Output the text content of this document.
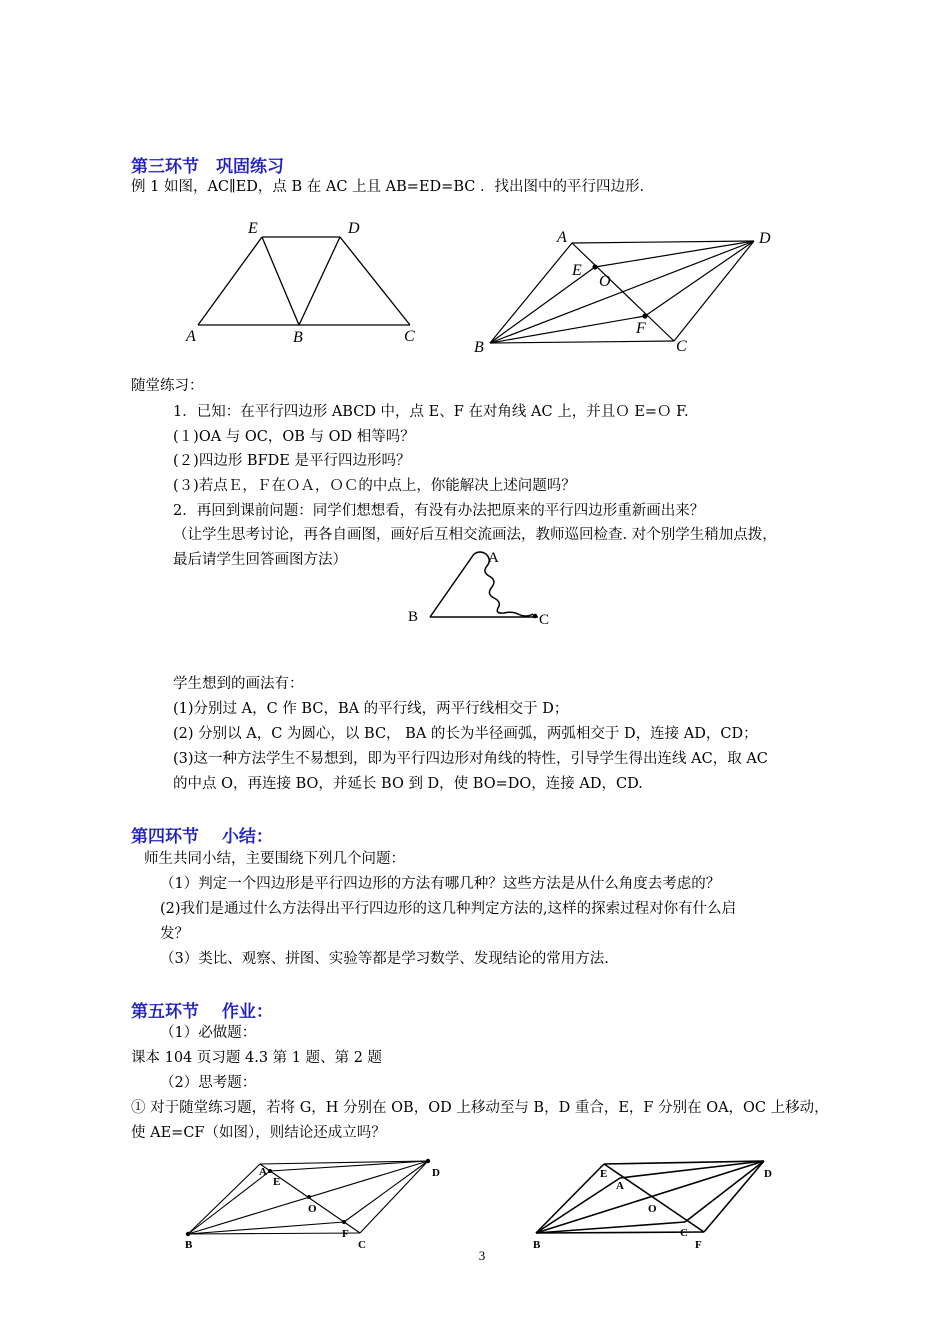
第三环节　巩固练习
例 1 如图，AC∥ED，点 B 在 AC 上且 AB=ED=BC ．找出图中的平行四边形．
E	D
A	B	C
A	D
E
O
F
B	C
随堂练习：
1．已知：在平行四边形 ABCD 中，点 E、F 在对角线 AC 上，并且Ｏ E=Ｏ F.
(１)OA 与 OC，OB 与 OD 相等吗？
(２)四边形 BFDE 是平行四边形吗？
(３)若点Ｅ，Ｆ在ＯＡ，ＯＣ的中点上，你能解决上述问题吗？
2．再回到课前问题：同学们想想看，有没有办法把原来的平行四边形重新画出来？
（让学生思考讨论，再各自画图，画好后互相交流画法，教师巡回检查. 对个别学生稍加点拨，
最后请学生回答画图方法）	A
B	C
学生想到的画法有：
(1)分别过 A，C 作 BC，BA 的平行线，两平行线相交于 D；
(2) 分别以 A，C 为圆心，以 BC， BA 的长为半径画弧，两弧相交于 D，连接 AD，CD；
(3)这一种方法学生不易想到，即为平行四边形对角线的特性，引导学生得出连线 AC，取 AC
的中点 O，再连接 BO，并延长 BO 到 D，使 BO=DO，连接 AD，CD.
第四环节　 小结：
师生共同小结，主要围绕下列几个问题：
（1）判定一个四边形是平行四边形的方法有哪几种？这些方法是从什么角度去考虑的？
(2)我们是通过什么方法得出平行四边形的这几种判定方法的,这样的探索过程对你有什么启
发？
（3）类比、观察、拼图、实验等都是学习数学、发现结论的常用方法.
第五环节　 作业：
（1）必做题：
课本 104 页习题 4.3 第 1 题、第 2 题
（2）思考题：
① 对于随堂练习题，若将 G，H 分别在 OB，OD 上移动至与 B，D 重合，E，F 分别在 OA，OC 上移动，
使 AE=CF（如图），则结论还成立吗？
A
E
D
O
B
F
C
E
A
D
O
B
C
F
3
